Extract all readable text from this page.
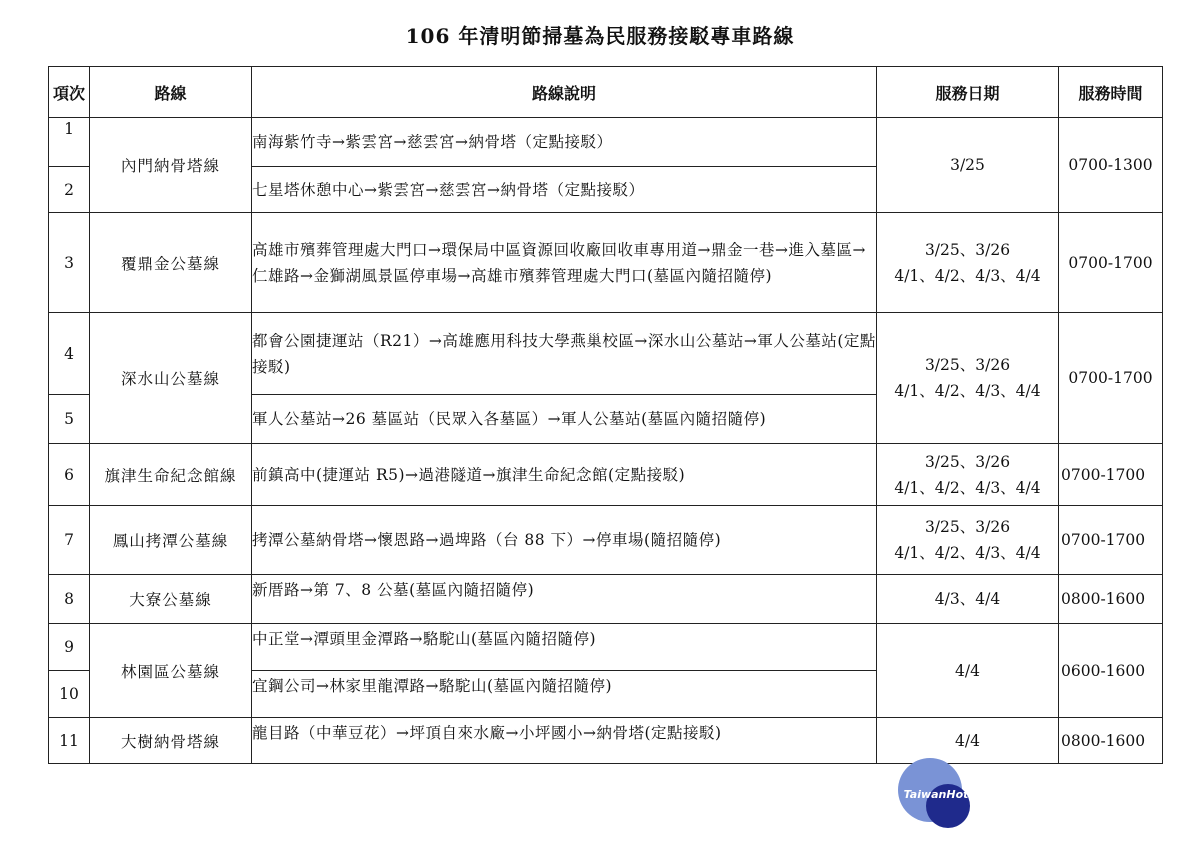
106 年清明節掃墓為民服務接駁專車路線
項次	路線	路線說明	服務日期	服務時間
1	內門納骨塔線	南海紫竹寺→紫雲宮→慈雲宮→納骨塔（定點接駁）	3/25	0700-1300
2		七星塔休憩中心→紫雲宮→慈雲宮→納骨塔（定點接駁）		
3	覆鼎金公墓線	高雄市殯葬管理處大門口→環保局中區資源回收廠回收車專用道→鼎金一巷→進入墓區→仁雄路→金獅湖風景區停車場→高雄市殯葬管理處大門口(墓區內隨招隨停)	3/25、3/26
4/1、4/2、4/3、4/4	0700-1700
4	深水山公墓線	都會公園捷運站（R21）→高雄應用科技大學燕巢校區→深水山公墓站→軍人公墓站(定點接駁)	3/25、3/26
4/1、4/2、4/3、4/4	0700-1700
5		軍人公墓站→26 墓區站（民眾入各墓區）→軍人公墓站(墓區內隨招隨停)		
6	旗津生命紀念館線	前鎮高中(捷運站 R5)→過港隧道→旗津生命紀念館(定點接駁)	3/25、3/26
4/1、4/2、4/3、4/4	0700-1700
7	鳳山拷潭公墓線	拷潭公墓納骨塔→懷恩路→過埤路（台 88 下）→停車場(隨招隨停)	3/25、3/26
4/1、4/2、4/3、4/4	0700-1700
8	大寮公墓線	新厝路→第 7、8 公墓(墓區內隨招隨停)	4/3、4/4	0800-1600
9	林園區公墓線	中正堂→潭頭里金潭路→駱駝山(墓區內隨招隨停)	4/4	0600-1600
10		宜鋼公司→林家里龍潭路→駱駝山(墓區內隨招隨停)		
11	大樹納骨塔線	龍目路（中華豆花）→坪頂自來水廠→小坪國小→納骨塔(定點接駁)	4/4	0800-1600
TaiwanHot
